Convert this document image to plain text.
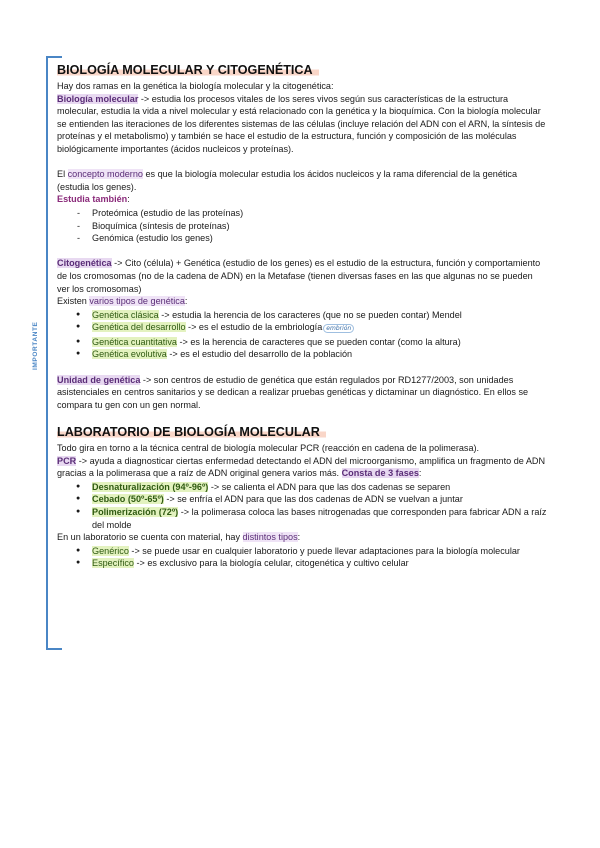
IMPORTANTE
BIOLOGÍA MOLECULAR Y CITOGENÉTICA

Hay dos ramas en la genética la biología molecular y la citogenética:

Biología molecular -> estudia los procesos vitales de los seres vivos según sus características de la estructura molecular, estudia la vida a nivel molecular y está relacionado con la genética y la bioquímica. Con la biología molecular se entienden las iteraciones de los diferentes sistemas de las células (incluye relación del ADN con el ARN, la síntesis de proteínas y el metabolismo) y también se hace el estudio de la estructura, función y composición de las moléculas biológicamente importantes (ácidos nucleicos y proteínas).

El concepto moderno es que la biología molecular estudia los ácidos nucleicos y la rama diferencial de la genética (estudia los genes).

Estudia también:

- Proteómica (estudio de las proteínas)
- Bioquímica (síntesis de proteínas)
- Genómica (estudio los genes)

Citogenética -> Cito (célula) + Genética (estudio de los genes) es el estudio de la estructura, función y comportamiento de los cromosomas (no de la cadena de ADN) en la Metafase (tienen diversas fases en las que algunas no se pueden ver los cromosomas)

Existen varios tipos de genética:

● Genética clásica -> estudia la herencia de los caracteres (que no se pueden contar) Mendel
● Genética del desarrollo -> es el estudio de la embriología embrión
● Genética cuantitativa -> es la herencia de caracteres que se pueden contar (como la altura)
● Genética evolutiva -> es el estudio del desarrollo de la población

Unidad de genética -> son centros de estudio de genética que están regulados por RD1277/2003, son unidades asistenciales en centros sanitarios y se dedican a realizar pruebas genéticas y dictaminar un diagnóstico. En ellos se compara tu gen con un gen normal.

LABORATORIO DE BIOLOGÍA MOLECULAR

Todo gira en torno a la técnica central de biología molecular PCR (reacción en cadena de la polimerasa).

PCR -> ayuda a diagnosticar ciertas enfermedad detectando el ADN del microorganismo, amplifica un fragmento de ADN gracias a la polimerasa que a raíz de ADN original genera varios más. Consta de 3 fases:

● Desnaturalización (94º-96º) -> se calienta el ADN para que las dos cadenas se separen
● Cebado (50º-65º) -> se enfría el ADN para que las dos cadenas de ADN se vuelvan a juntar
● Polimerización (72º) -> la polimerasa coloca las bases nitrogenadas que corresponden para fabricar ADN a raíz del molde

En un laboratorio se cuenta con material, hay distintos tipos:

● Genérico -> se puede usar en cualquier laboratorio y puede llevar adaptaciones para la biología molecular
● Específico -> es exclusivo para la biología celular, citogenética y cultivo celular
